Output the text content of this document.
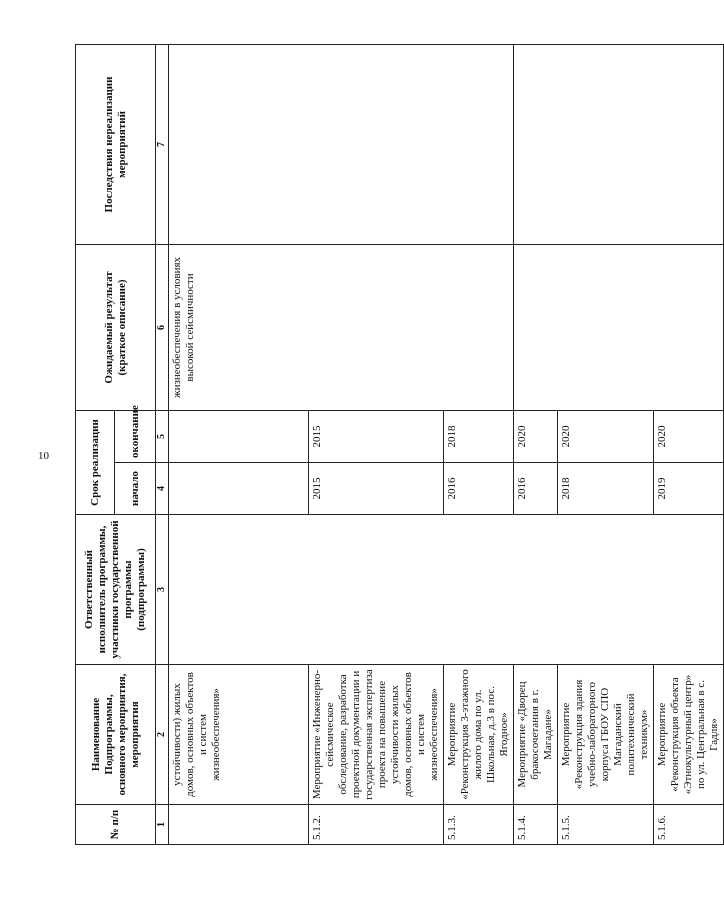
10
№ п/п	Наименование Подпрограммы, основного мероприятия, мероприятия	Ответственный исполнитель программы, участники государственной программы (подпрограммы)	Срок реализации		Ожидаемый результат (краткое описание)	Последствия нереализации мероприятий
			начало	окончание		
1	2	3	4	5	6	7
	устойчивости) жилых домов, основных объектов и систем жизнеобеспечения»				жизнеобеспечения в условиях высокой сейсмичности	
5.1.2.	Мероприятие «Инженерно-сейсмическое обследование, разработка проектной документации и государственная экспертиза проекта на повышение устойчивости жилых домов, основных объектов и систем жизнеобеспечения»		2015	2015		
5.1.3.	Мероприятие «Реконструкция 3-этажного жилого дома по ул. Школьная, д.3 в пос. Ягодное»		2016	2018		
5.1.4.	Мероприятие «Дворец бракосочетания в г. Магадане»		2016	2020		
5.1.5.	Мероприятие «Реконструкция здания учебно-лабораторного корпуса ГБОУ СПО Магаданский политехнический техникум»		2018	2020		
5.1.6.	Мероприятие «Реконструкция объекта «Этнокультурный центр» по ул. Центральная в с. Гадля»		2019	2020		
